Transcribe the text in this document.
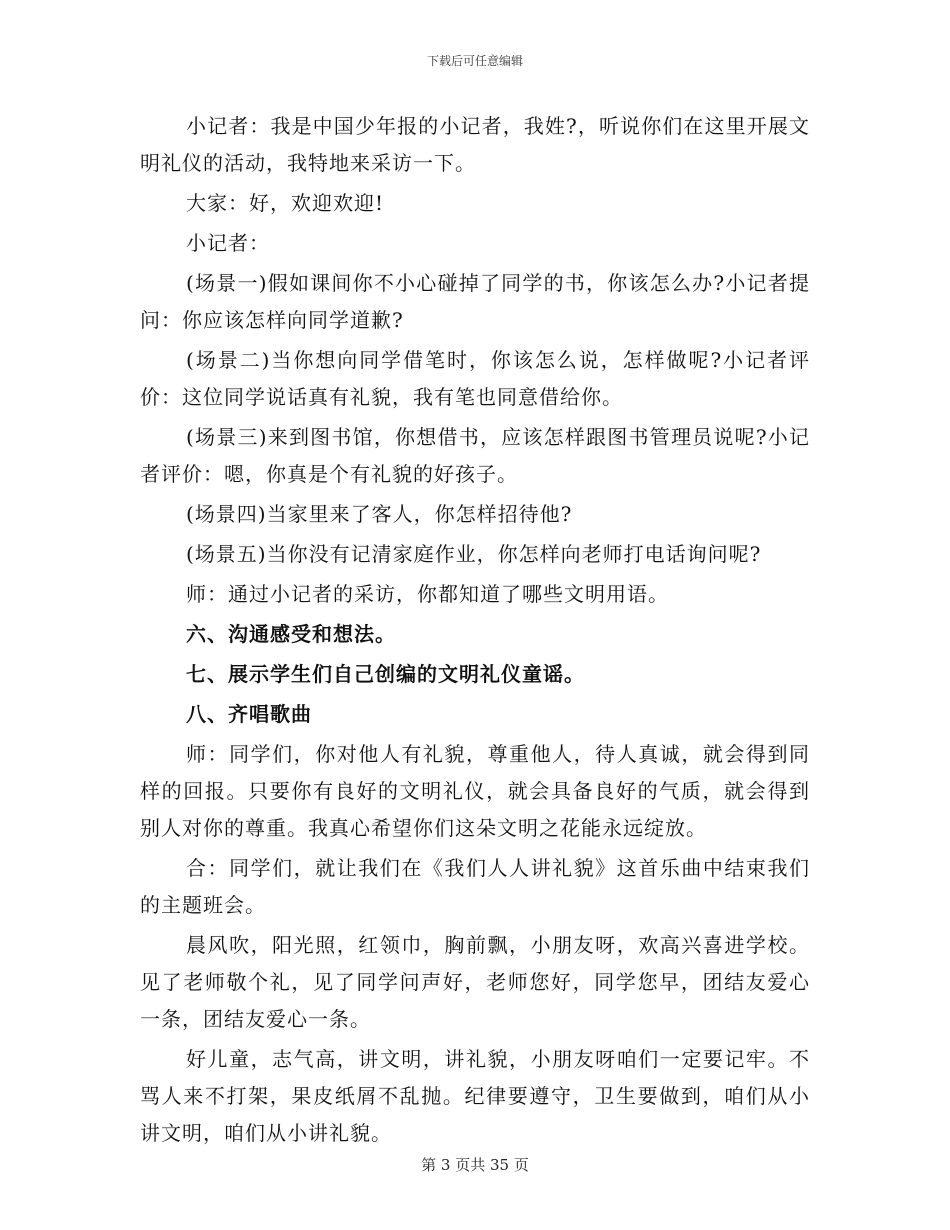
下载后可任意编辑

小记者：我是中国少年报的小记者，我姓?，听说你们在这里开展文明礼仪的活动，我特地来采访一下。

大家：好，欢迎欢迎!

小记者：

(场景一)假如课间你不小心碰掉了同学的书，你该怎么办?小记者提问：你应该怎样向同学道歉?

(场景二)当你想向同学借笔时，你该怎么说，怎样做呢?小记者评价：这位同学说话真有礼貌，我有笔也同意借给你。

(场景三)来到图书馆，你想借书，应该怎样跟图书管理员说呢?小记者评价：嗯，你真是个有礼貌的好孩子。

(场景四)当家里来了客人，你怎样招待他?

(场景五)当你没有记清家庭作业，你怎样向老师打电话询问呢?

师：通过小记者的采访，你都知道了哪些文明用语。

六、沟通感受和想法。

七、展示学生们自己创编的文明礼仪童谣。

八、齐唱歌曲

师：同学们，你对他人有礼貌，尊重他人，待人真诚，就会得到同样的回报。只要你有良好的文明礼仪，就会具备良好的气质，就会得到别人对你的尊重。我真心希望你们这朵文明之花能永远绽放。

合：同学们，就让我们在《我们人人讲礼貌》这首乐曲中结束我们的主题班会。

晨风吹，阳光照，红领巾，胸前飘，小朋友呀，欢高兴喜进学校。见了老师敬个礼，见了同学问声好，老师您好，同学您早，团结友爱心一条，团结友爱心一条。

好儿童，志气高，讲文明，讲礼貌，小朋友呀咱们一定要记牢。不骂人来不打架，果皮纸屑不乱抛。纪律要遵守，卫生要做到，咱们从小讲文明，咱们从小讲礼貌。

第 3 页共 35 页
